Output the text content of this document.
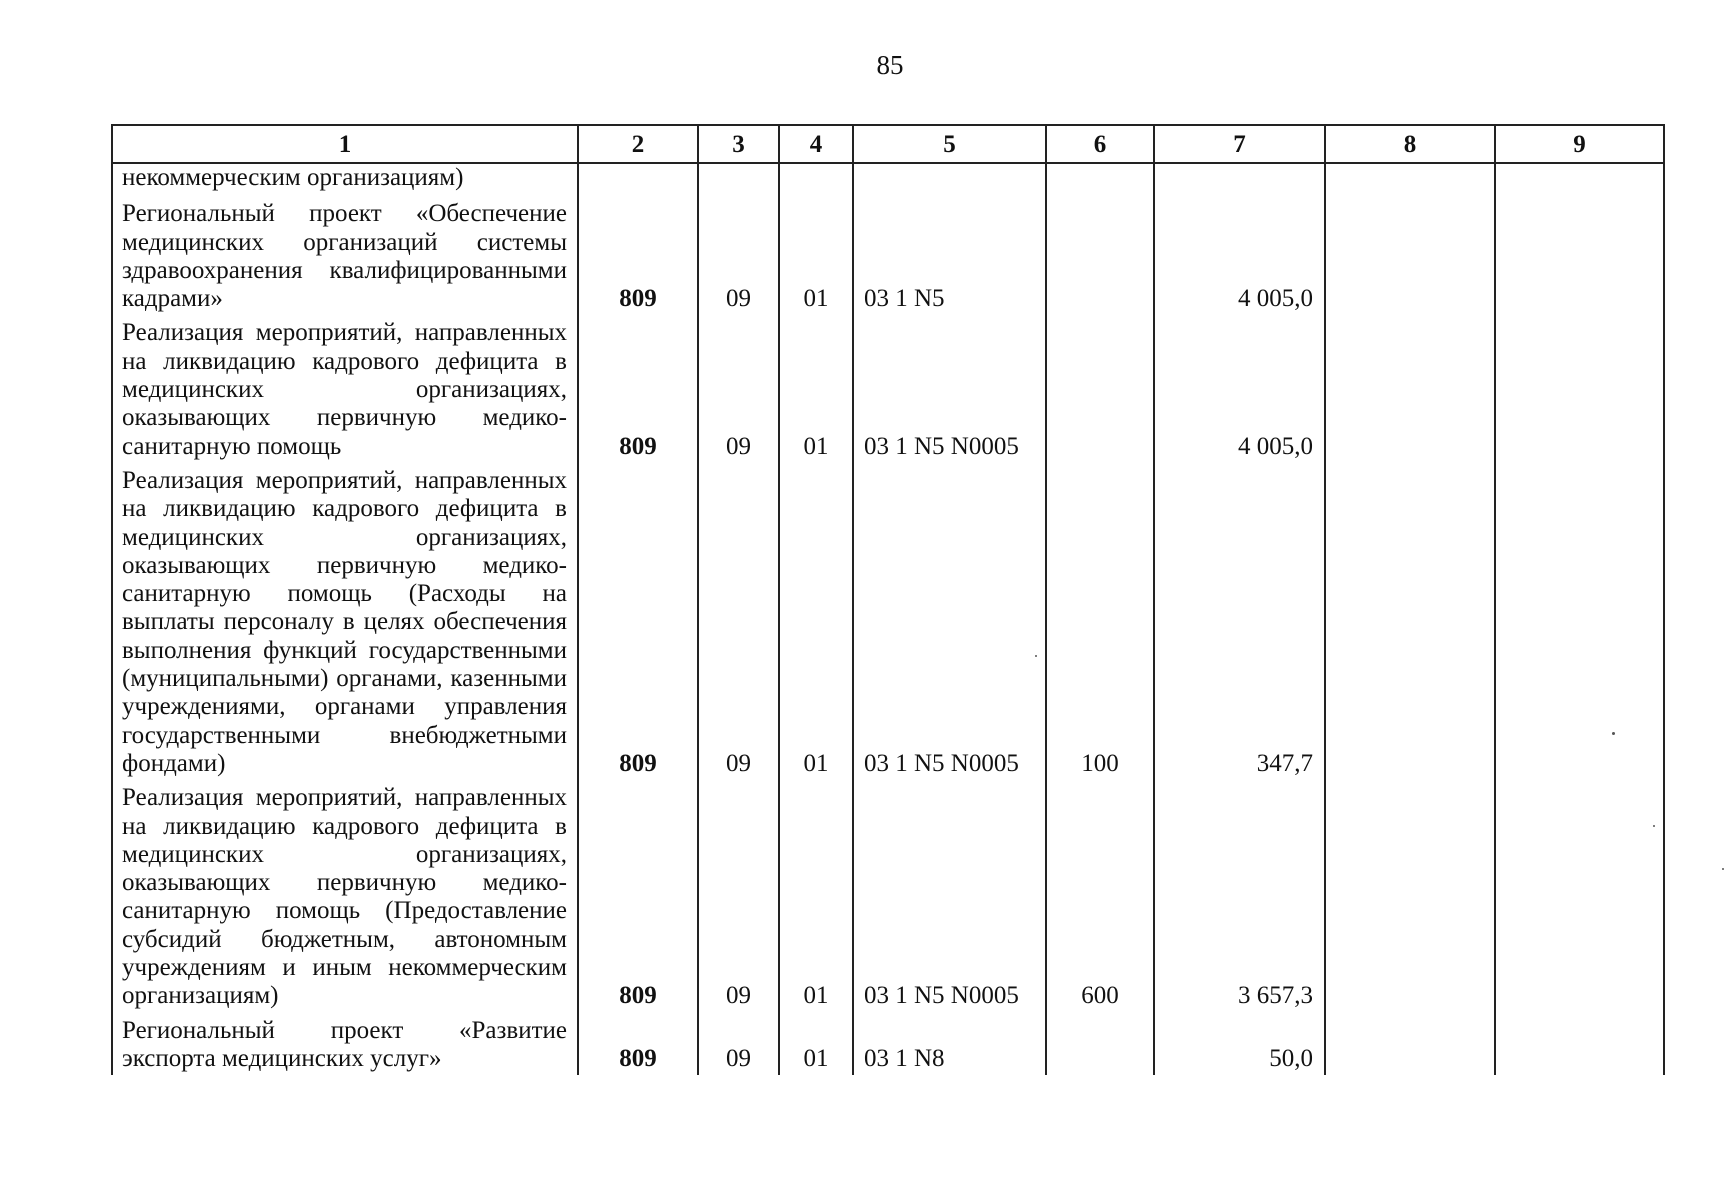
85
1	2	3	4	5	6	7	8	9
некоммерческим организациям)								
Региональный проект «Обеспечение медицинских организаций системы здравоохранения квалифицированными кадрами»	809	09	01	03 1 N5		4 005,0		
Реализация мероприятий, направленных на ликвидацию кадрового дефицита в медицинских организациях, оказывающих первичную медико-санитарную помощь	809	09	01	03 1 N5 N0005		4 005,0		
Реализация мероприятий, направленных на ликвидацию кадрового дефицита в медицинских организациях, оказывающих первичную медико-санитарную помощь (Расходы на выплаты персоналу в целях обеспечения выполнения функций государственными (муниципальными) органами, казенными учреждениями, органами управления государственными внебюджетными фондами)	809	09	01	03 1 N5 N0005	100	347,7		
Реализация мероприятий, направленных на ликвидацию кадрового дефицита в медицинских организациях, оказывающих первичную медико-санитарную помощь (Предоставление субсидий бюджетным, автономным учреждениям и иным некоммерческим организациям)	809	09	01	03 1 N5 N0005	600	3 657,3		
Региональный проект «Развитие экспорта медицинских услуг»	809	09	01	03 1 N8		50,0		
